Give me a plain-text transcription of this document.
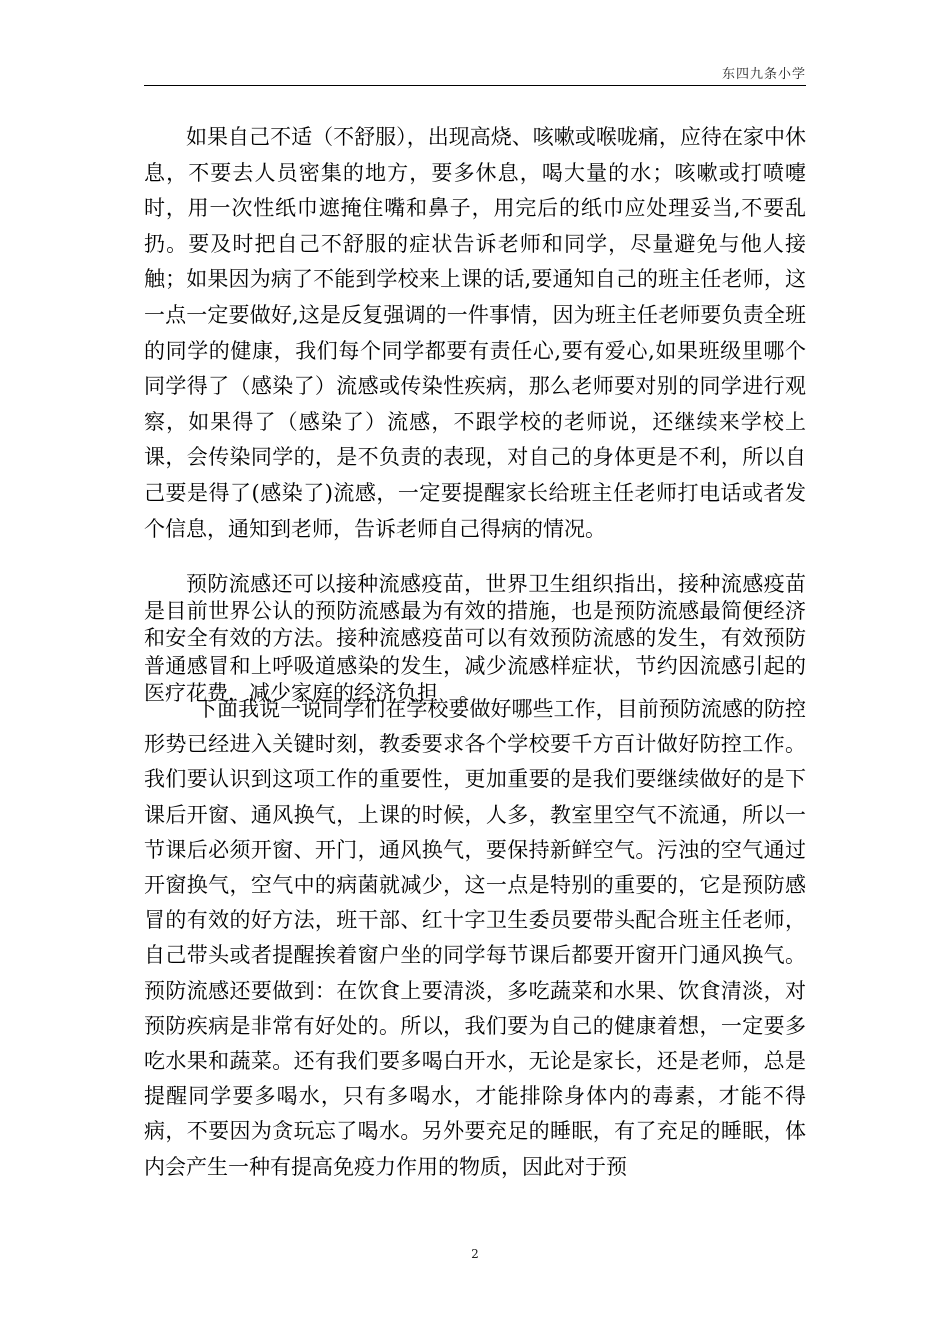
东四九条小学

如果自己不适（不舒服），出现高烧、咳嗽或喉咙痛，应待在家中休息，不要去人员密集的地方，要多休息，喝大量的水；咳嗽或打喷嚏时，用一次性纸巾遮掩住嘴和鼻子，用完后的纸巾应处理妥当,不要乱扔。要及时把自己不舒服的症状告诉老师和同学，尽量避免与他人接触；如果因为病了不能到学校来上课的话,要通知自己的班主任老师，这一点一定要做好,这是反复强调的一件事情，因为班主任老师要负责全班的同学的健康，我们每个同学都要有责任心,要有爱心,如果班级里哪个同学得了（感染了）流感或传染性疾病，那么老师要对别的同学进行观察，如果得了（感染了）流感，不跟学校的老师说，还继续来学校上课，会传染同学的，是不负责的表现，对自己的身体更是不利，所以自己要是得了(感染了)流感，一定要提醒家长给班主任老师打电话或者发个信息，通知到老师，告诉老师自己得病的情况。

预防流感还可以接种流感疫苗，世界卫生组织指出，接种流感疫苗是目前世界公认的预防流感最为有效的措施，也是预防流感最简便经济和安全有效的方法。接种流感疫苗可以有效预防流感的发生，有效预防普通感冒和上呼吸道感染的发生，减少流感样症状，节约因流感引起的医疗花费，减少家庭的经济负担　。

下面我说一说同学们在学校要做好哪些工作，目前预防流感的防控形势已经进入关键时刻，教委要求各个学校要千方百计做好防控工作。我们要认识到这项工作的重要性，更加重要的是我们要继续做好的是下课后开窗、通风换气，上课的时候，人多，教室里空气不流通，所以一节课后必须开窗、开门，通风换气，要保持新鲜空气。污浊的空气通过开窗换气，空气中的病菌就减少，这一点是特别的重要的，它是预防感冒的有效的好方法，班干部、红十字卫生委员要带头配合班主任老师，自己带头或者提醒挨着窗户坐的同学每节课后都要开窗开门通风换气。预防流感还要做到：在饮食上要清淡，多吃蔬菜和水果、饮食清淡，对预防疾病是非常有好处的。所以，我们要为自己的健康着想，一定要多吃水果和蔬菜。还有我们要多喝白开水，无论是家长，还是老师，总是提醒同学要多喝水，只有多喝水，才能排除身体内的毒素，才能不得病，不要因为贪玩忘了喝水。另外要充足的睡眠，有了充足的睡眠，体内会产生一种有提高免疫力作用的物质，因此对于预

2
